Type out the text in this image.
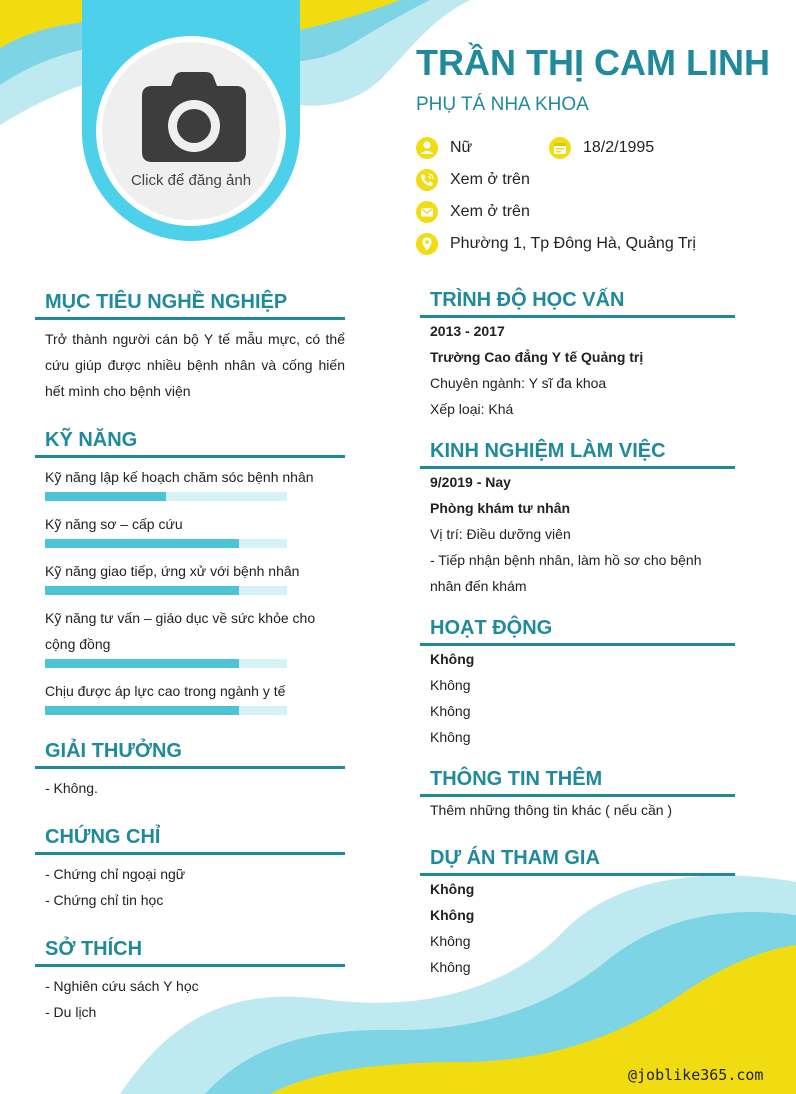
Click để đăng ảnh
TRẦN THỊ CAM LINH
PHỤ TÁ NHA KHOA
Nữ	18/2/1995
Xem ở trên
Xem ở trên
Phường 1, Tp Đông Hà, Quảng Trị
MỤC TIÊU NGHỀ NGHIỆP
Trở thành người cán bộ Y tế mẫu mực, có thể cứu giúp được nhiều bệnh nhân và cống hiến hết mình cho bệnh viện
KỸ NĂNG
Kỹ năng lập kế hoạch chăm sóc bệnh nhân
Kỹ năng sơ – cấp cứu
Kỹ năng giao tiếp, ứng xử với bệnh nhân
Kỹ năng tư vấn – giáo dục về sức khỏe cho cộng đồng
Chịu được áp lực cao trong ngành y tế
GIẢI THƯỞNG
- Không.
CHỨNG CHỈ
- Chứng chỉ ngoại ngữ
- Chứng chỉ tin học
SỞ THÍCH
- Nghiên cứu sách Y học
- Du lịch
TRÌNH ĐỘ HỌC VẤN
2013 - 2017
Trường Cao đẳng Y tế Quảng trị
Chuyên ngành: Y sĩ đa khoa
Xếp loại: Khá
KINH NGHIỆM LÀM VIỆC
9/2019 - Nay
Phòng khám tư nhân
Vị trí: Điều dưỡng viên
- Tiếp nhận bệnh nhân, làm hồ sơ cho bệnh nhân đến khám
HOẠT ĐỘNG
Không
Không
Không
Không
THÔNG TIN THÊM
Thêm những thông tin khác ( nếu cần )
DỰ ÁN THAM GIA
Không
Không
Không
Không
@joblike365.com
